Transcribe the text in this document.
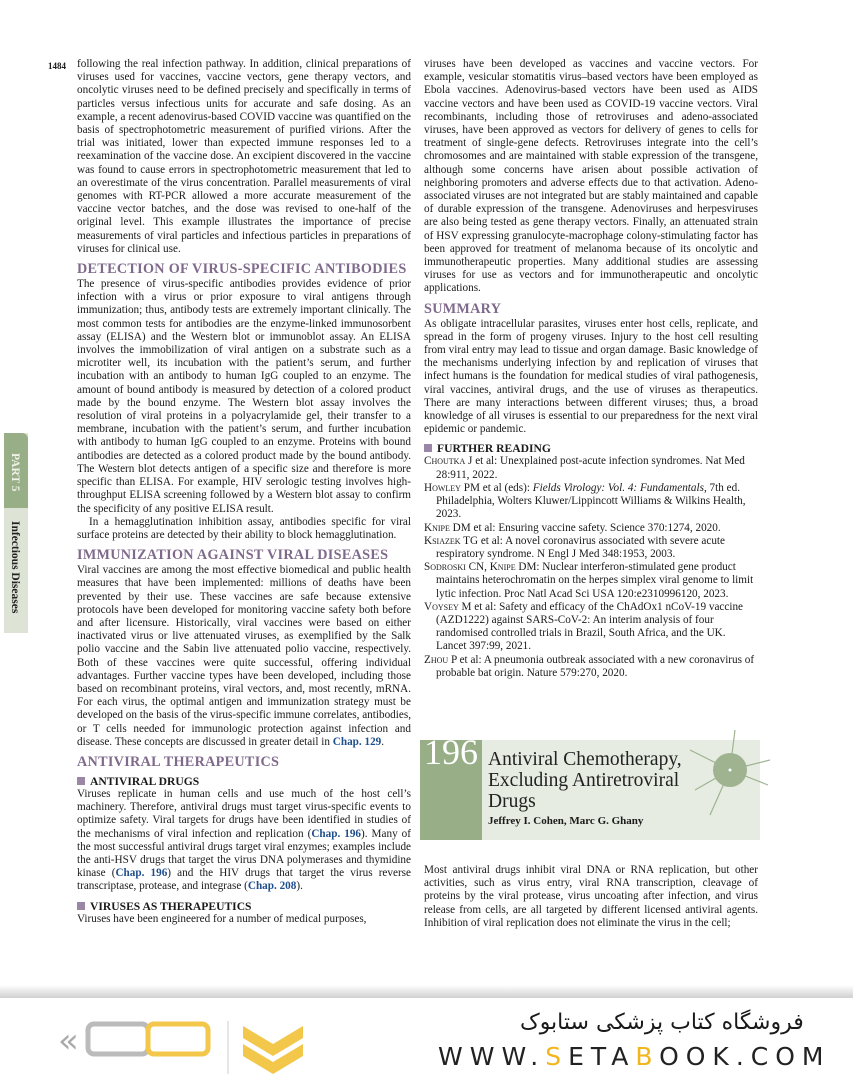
1484
PART 5
Infectious Diseases

following the real infection pathway. In addition, clinical preparations of viruses used for vaccines, vaccine vectors, gene therapy vectors, and oncolytic viruses need to be defined precisely and specifically in terms of particles versus infectious units for accurate and safe dosing. As an example, a recent adenovirus-based COVID vaccine was quantified on the basis of spectrophotometric measurement of purified virions. After the trial was initiated, lower than expected immune responses led to a reexamination of the vaccine dose. An excipient discovered in the vaccine was found to cause errors in spectrophotometric measurement that led to an overestimate of the virus concentration. Parallel measurements of viral genomes with RT-PCR allowed a more accurate measurement of the vaccine vector batches, and the dose was revised to one-half of the original level. This example illustrates the importance of precise measurements of viral particles and infectious particles in preparations of viruses for clinical use.

DETECTION OF VIRUS-SPECIFIC ANTIBODIES

The presence of virus-specific antibodies provides evidence of prior infection with a virus or prior exposure to viral antigens through immunization; thus, antibody tests are extremely important clinically. The most common tests for antibodies are the enzyme-linked immunosorbent assay (ELISA) and the Western blot or immunoblot assay. An ELISA involves the immobilization of viral antigen on a substrate such as a microtiter well, its incubation with the patient’s serum, and further incubation with an antibody to human IgG coupled to an enzyme. The amount of bound antibody is measured by detection of a colored product made by the bound enzyme. The Western blot assay involves the resolution of viral proteins in a polyacrylamide gel, their transfer to a membrane, incubation with the patient’s serum, and further incubation with antibody to human IgG coupled to an enzyme. Proteins with bound antibodies are detected as a colored product made by the bound antibody. The Western blot detects antigen of a specific size and therefore is more specific than ELISA. For example, HIV serologic testing involves high-throughput ELISA screening followed by a Western blot assay to confirm the specificity of any positive ELISA result.

In a hemagglutination inhibition assay, antibodies specific for viral surface proteins are detected by their ability to block hemagglutination.

IMMUNIZATION AGAINST VIRAL DISEASES

Viral vaccines are among the most effective biomedical and public health measures that have been implemented: millions of deaths have been prevented by their use. These vaccines are safe because extensive protocols have been developed for monitoring vaccine safety both before and after licensure. Historically, viral vaccines were based on either inactivated virus or live attenuated viruses, as exemplified by the Salk polio vaccine and the Sabin live attenuated polio vaccine, respectively. Both of these vaccines were quite successful, offering individual advantages. Further vaccine types have been developed, including those based on recombinant proteins, viral vectors, and, most recently, mRNA. For each virus, the optimal antigen and immunization strategy must be developed on the basis of the virus-specific immune correlates, antibodies, or T cells needed for immunologic protection against infection and disease. These concepts are discussed in greater detail in Chap. 129.

ANTIVIRAL THERAPEUTICS
ANTIVIRAL DRUGS

Viruses replicate in human cells and use much of the host cell’s machinery. Therefore, antiviral drugs must target virus-specific events to optimize safety. Viral targets for drugs have been identified in studies of the mechanisms of viral infection and replication (Chap. 196). Many of the most successful antiviral drugs target viral enzymes; examples include the anti-HSV drugs that target the virus DNA polymerases and thymidine kinase (Chap. 196) and the HIV drugs that target the virus reverse transcriptase, protease, and integrase (Chap. 208).

VIRUSES AS THERAPEUTICS

Viruses have been engineered for a number of medical purposes,

viruses have been developed as vaccines and vaccine vectors. For example, vesicular stomatitis virus–based vectors have been employed as Ebola vaccines. Adenovirus-based vectors have been used as AIDS vaccine vectors and have been used as COVID-19 vaccine vectors. Viral recombinants, including those of retroviruses and adeno-associated viruses, have been approved as vectors for delivery of genes to cells for treatment of single-gene defects. Retroviruses integrate into the cell’s chromosomes and are maintained with stable expression of the transgene, although some concerns have arisen about possible activation of neighboring promoters and adverse effects due to that activation. Adeno-associated viruses are not integrated but are stably maintained and capable of durable expression of the transgene. Adenoviruses and herpesviruses are also being tested as gene therapy vectors. Finally, an attenuated strain of HSV expressing granulocyte-macrophage colony-stimulating factor has been approved for treatment of melanoma because of its oncolytic and immunotherapeutic properties. Many additional studies are assessing viruses for use as vectors and for immunotherapeutic and oncolytic applications.

SUMMARY

As obligate intracellular parasites, viruses enter host cells, replicate, and spread in the form of progeny viruses. Injury to the host cell resulting from viral entry may lead to tissue and organ damage. Basic knowledge of the mechanisms underlying infection by and replication of viruses that infect humans is the foundation for medical studies of viral pathogenesis, viral vaccines, antiviral drugs, and the use of viruses as therapeutics. There are many interactions between different viruses; thus, a broad knowledge of all viruses is essential to our preparedness for the next viral epidemic or pandemic.

FURTHER READING

Choutka J et al: Unexplained post-acute infection syndromes. Nat Med 28:911, 2022.

Howley PM et al (eds): Fields Virology: Vol. 4: Fundamentals, 7th ed. Philadelphia, Wolters Kluwer/Lippincott Williams & Wilkins Health, 2023.

Knipe DM et al: Ensuring vaccine safety. Science 370:1274, 2020.

Ksiazek TG et al: A novel coronavirus associated with severe acute respiratory syndrome. N Engl J Med 348:1953, 2003.

Sodroski CN, Knipe DM: Nuclear interferon-stimulated gene product maintains heterochromatin on the herpes simplex viral genome to limit lytic infection. Proc Natl Acad Sci USA 120:e2310996120, 2023.

Voysey M et al: Safety and efficacy of the ChAdOx1 nCoV-19 vaccine (AZD1222) against SARS-CoV-2: An interim analysis of four randomised controlled trials in Brazil, South Africa, and the UK. Lancet 397:99, 2021.

Zhou P et al: A pneumonia outbreak associated with a new coronavirus of probable bat origin. Nature 579:270, 2020.

196 Antiviral Chemotherapy, Excluding Antiretroviral Drugs
Jeffrey I. Cohen, Marc G. Ghany

Most antiviral drugs inhibit viral DNA or RNA replication, but other activities, such as virus entry, viral RNA transcription, cleavage of proteins by the viral protease, virus uncoating after infection, and virus release from cells, are all targeted by different licensed antiviral agents. Inhibition of viral replication does not eliminate the virus in the cell;

«	فروشگاه کتاب پزشکی ستابوک
WWW.SETABOOK.COM
